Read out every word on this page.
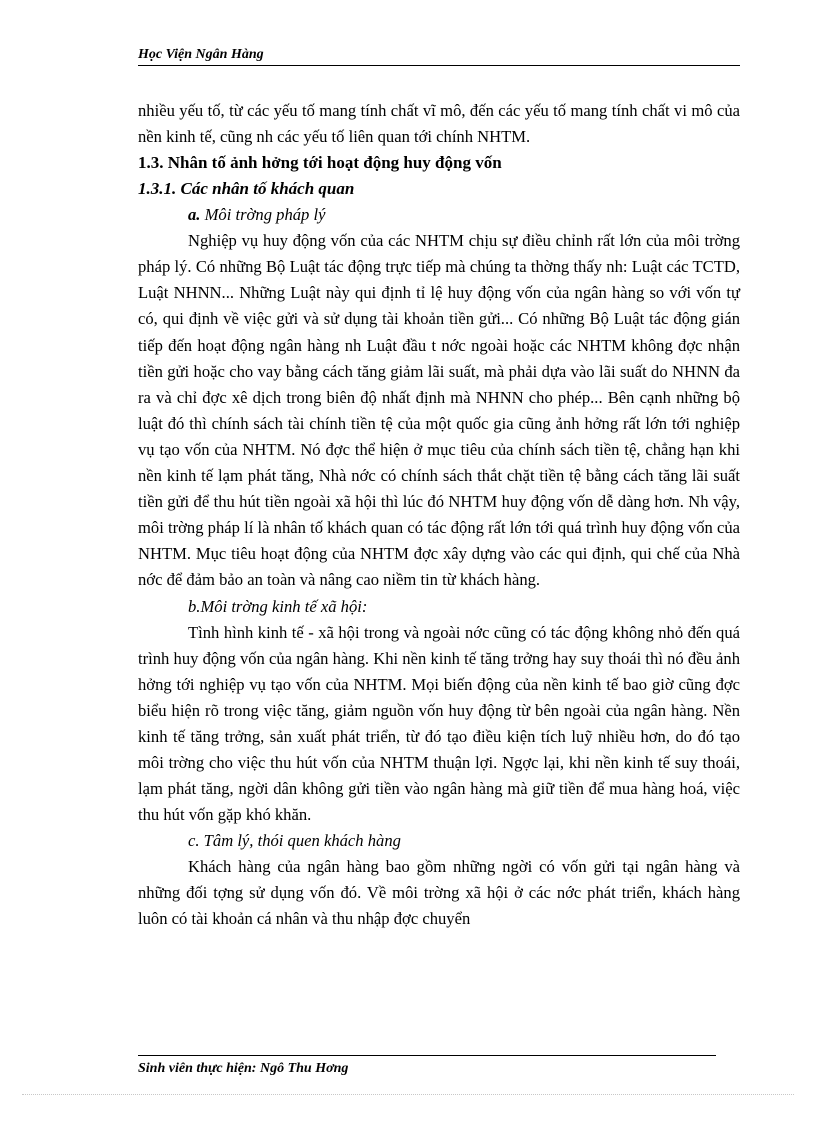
Học Viện Ngân Hàng

nhiều yếu tố, từ các yếu tố mang tính chất vĩ mô, đến các yếu tố mang tính chất vi mô của nền kinh tế, cũng nh các yếu tố liên quan tới chính NHTM.

1.3. Nhân tố ảnh hởng tới hoạt động huy động vốn

1.3.1. Các nhân tố khách quan

a. Môi trờng pháp lý

Nghiệp vụ huy động vốn của các NHTM chịu sự điều chỉnh rất lớn của môi trờng pháp lý. Có những Bộ Luật tác động trực tiếp mà chúng ta thờng thấy nh: Luật các TCTD, Luật NHNN... Những Luật này qui định tỉ lệ huy động vốn của ngân hàng so với vốn tự có, qui định về việc gửi và sử dụng tài khoản tiền gửi... Có những Bộ Luật tác động gián tiếp đến hoạt động ngân hàng nh Luật đầu t nớc ngoài hoặc các NHTM không đợc nhận tiền gửi hoặc cho vay bằng cách tăng giảm lãi suất, mà phải dựa vào lãi suất do NHNN đa ra và chỉ đợc xê dịch trong biên độ nhất định mà NHNN cho phép... Bên cạnh những bộ luật đó thì chính sách tài chính tiền tệ của một quốc gia cũng ảnh hởng rất lớn tới nghiệp vụ tạo vốn của NHTM. Nó đợc thể hiện ở mục tiêu của chính sách tiền tệ, chẳng hạn khi nền kinh tế lạm phát tăng, Nhà nớc có chính sách thắt chặt tiền tệ bằng cách tăng lãi suất tiền gửi để thu hút tiền ngoài xã hội thì lúc đó NHTM huy động vốn dễ dàng hơn. Nh vậy, môi trờng pháp lí là nhân tố khách quan có tác động rất lớn tới quá trình huy động vốn của NHTM. Mục tiêu hoạt động của NHTM đợc xây dựng vào các qui định, qui chế của Nhà nớc để đảm bảo an toàn và nâng cao niềm tin từ khách hàng.

b.Môi trờng kinh tế xã hội:

Tình hình kinh tế - xã hội trong và ngoài nớc cũng có tác động không nhỏ đến quá trình huy động vốn của ngân hàng. Khi nền kinh tế tăng trởng hay suy thoái thì nó đều ảnh hởng tới nghiệp vụ tạo vốn của NHTM. Mọi biến động của nền kinh tế bao giờ cũng đợc biểu hiện rõ trong việc tăng, giảm nguồn vốn huy động từ bên ngoài của ngân hàng. Nền kinh tế tăng trởng, sản xuất phát triển, từ đó tạo điều kiện tích luỹ nhiều hơn, do đó tạo môi trờng cho việc thu hút vốn của NHTM thuận lợi. Ngợc lại, khi nền kinh tế suy thoái, lạm phát tăng, ngời dân không gửi tiền vào ngân hàng mà giữ tiền để mua hàng hoá, việc thu hút vốn gặp khó khăn.

c. Tâm lý, thói quen khách hàng

Khách hàng của ngân hàng bao gồm những ngời có vốn gửi tại ngân hàng và những đối tợng sử dụng vốn đó. Về môi trờng xã hội ở các nớc phát triển, khách hàng luôn có tài khoản cá nhân và thu nhập đợc chuyển

Sinh viên thực hiện: Ngô Thu Hơng
